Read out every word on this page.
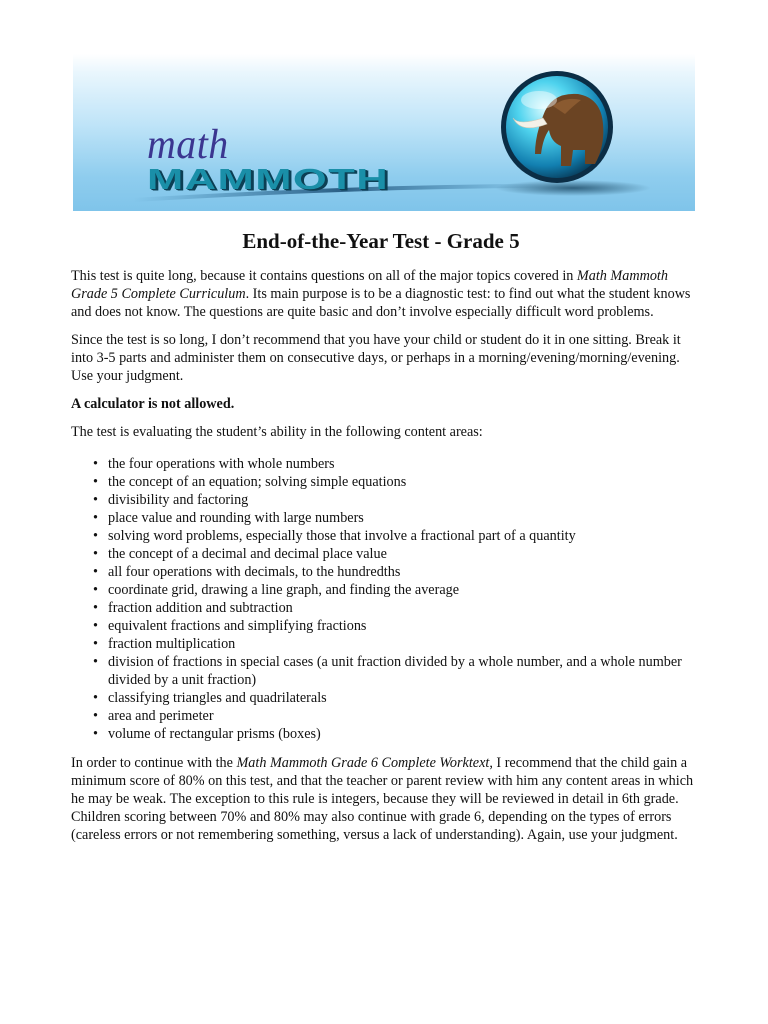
math
MAMMOTH
End-of-the-Year Test - Grade 5

This test is quite long, because it contains questions on all of the major topics covered in Math Mammoth Grade 5 Complete Curriculum. Its main purpose is to be a diagnostic test: to find out what the student knows and does not know. The questions are quite basic and don’t involve especially difficult word problems.

Since the test is so long, I don’t recommend that you have your child or student do it in one sitting. Break it into 3-5 parts and administer them on consecutive days, or perhaps in a morning/evening/morning/evening. Use your judgment.

A calculator is not allowed.

The test is evaluating the student’s ability in the following content areas:

• the four operations with whole numbers
• the concept of an equation; solving simple equations
• divisibility and factoring
• place value and rounding with large numbers
• solving word problems, especially those that involve a fractional part of a quantity
• the concept of a decimal and decimal place value
• all four operations with decimals, to the hundredths
• coordinate grid, drawing a line graph, and finding the average
• fraction addition and subtraction
• equivalent fractions and simplifying fractions
• fraction multiplication
• division of fractions in special cases (a unit fraction divided by a whole number, and a whole number divided by a unit fraction)
• classifying triangles and quadrilaterals
• area and perimeter
• volume of rectangular prisms (boxes)

In order to continue with the Math Mammoth Grade 6 Complete Worktext, I recommend that the child gain a minimum score of 80% on this test, and that the teacher or parent review with him any content areas in which he may be weak. The exception to this rule is integers, because they will be reviewed in detail in 6th grade. Children scoring between 70% and 80% may also continue with grade 6, depending on the types of errors (careless errors or not remembering something, versus a lack of understanding). Again, use your judgment.
